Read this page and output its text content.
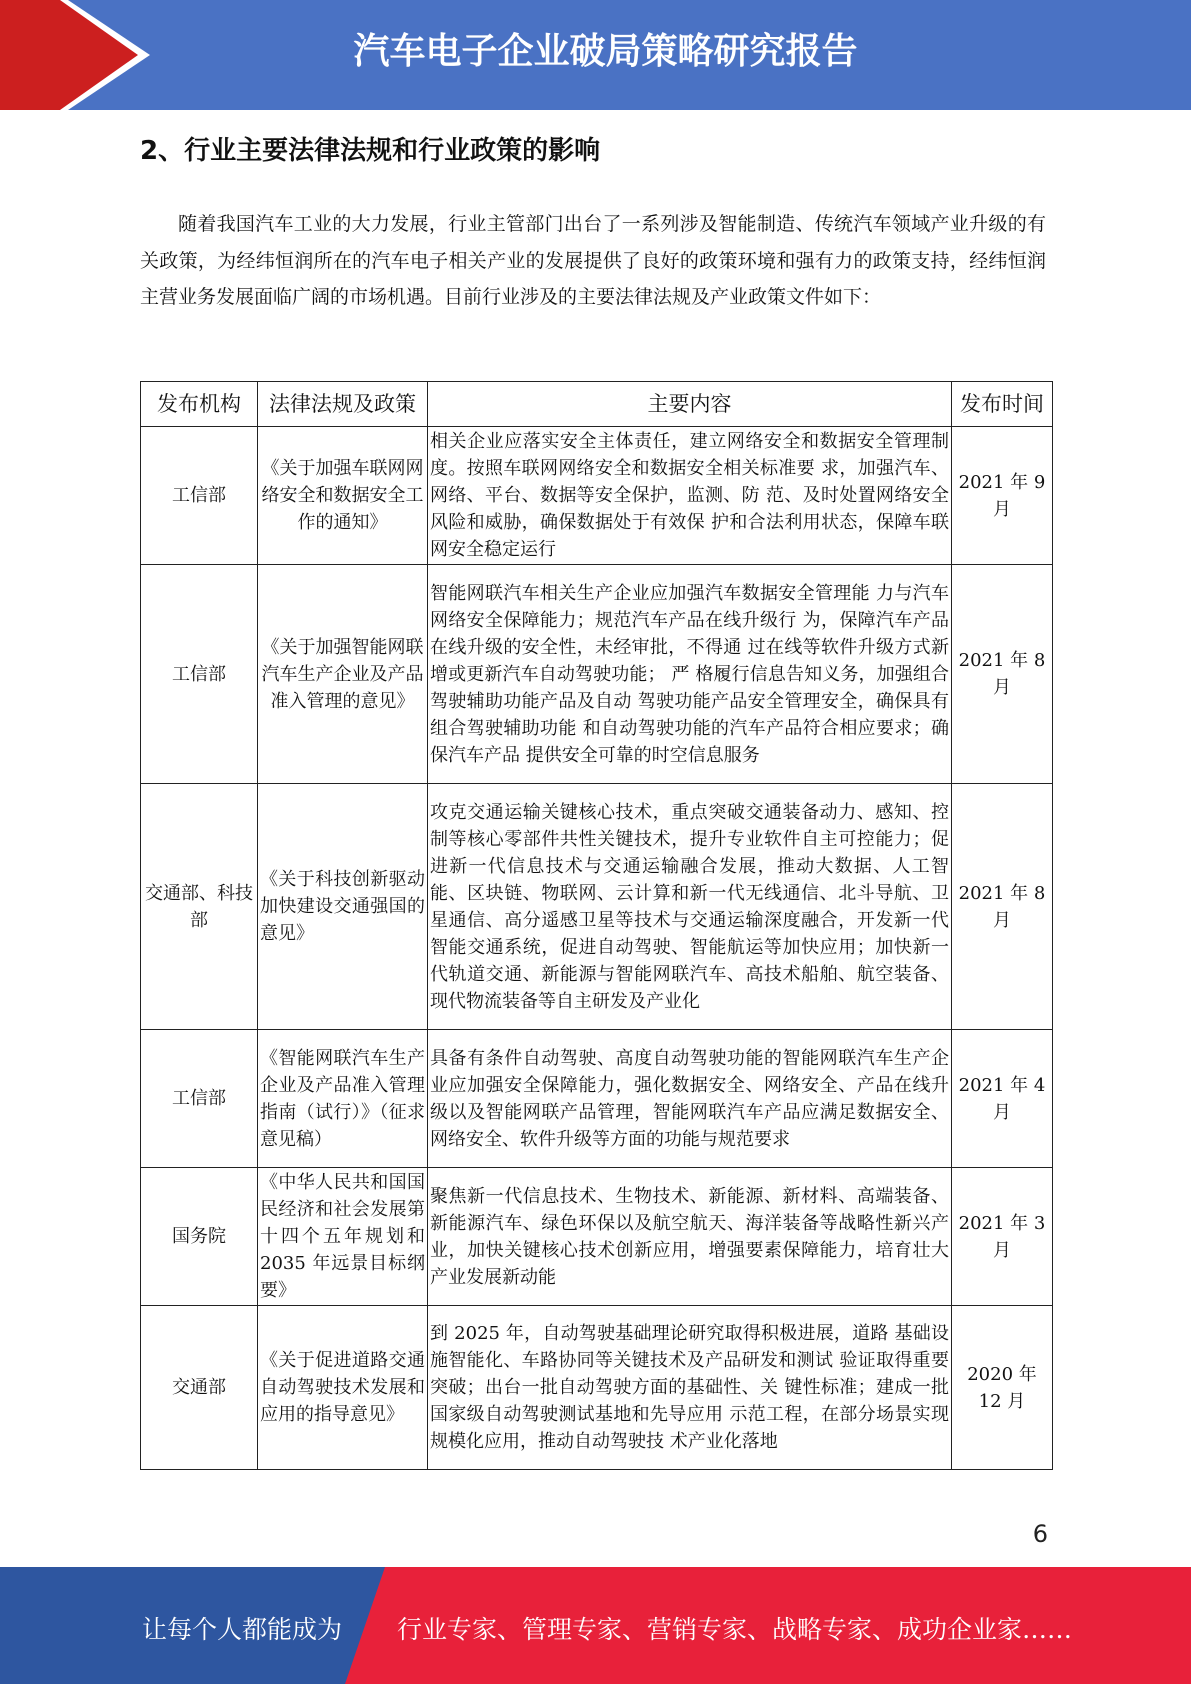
汽车电子企业破局策略研究报告
2、行业主要法律法规和行业政策的影响

随着我国汽车工业的大力发展，行业主管部门出台了一系列涉及智能制造、传统汽车领域产业升级的有关政策，为经纬恒润所在的汽车电子相关产业的发展提供了良好的政策环境和强有力的政策支持，经纬恒润主营业务发展面临广阔的市场机遇。目前行业涉及的主要法律法规及产业政策文件如下：

发布机构	法律法规及政策	主要内容	发布时间
工信部	《关于加强车联网网络安全和数据安全工作的通知》	相关企业应落实安全主体责任，建立网络安全和数据安全管理制度。按照车联网网络安全和数据安全相关标准要 求，加强汽车、网络、平台、数据等安全保护，监测、防 范、及时处置网络安全风险和威胁，确保数据处于有效保 护和合法利用状态，保障车联网安全稳定运行	2021 年 9 月
工信部	《关于加强智能网联汽车生产企业及产品准入管理的意见》	智能网联汽车相关生产企业应加强汽车数据安全管理能 力与汽车网络安全保障能力；规范汽车产品在线升级行 为，保障汽车产品在线升级的安全性，未经审批，不得通 过在线等软件升级方式新增或更新汽车自动驾驶功能； 严 格履行信息告知义务，加强组合驾驶辅助功能产品及自动 驾驶功能产品安全管理安全，确保具有组合驾驶辅助功能 和自动驾驶功能的汽车产品符合相应要求；确保汽车产品 提供安全可靠的时空信息服务	2021 年 8 月
交通部、科技部	《关于科技创新驱动加快建设交通强国的意见》	攻克交通运输关键核心技术，重点突破交通装备动力、感知、控制等核心零部件共性关键技术，提升专业软件自主可控能力；促进新一代信息技术与交通运输融合发展，推动大数据、人工智能、区块链、物联网、云计算和新一代无线通信、北斗导航、卫星通信、高分遥感卫星等技术与交通运输深度融合，开发新一代智能交通系统，促进自动驾驶、智能航运等加快应用；加快新一代轨道交通、新能源与智能网联汽车、高技术船舶、航空装备、现代物流装备等自主研发及产业化	2021 年 8 月
工信部	《智能网联汽车生产企业及产品准入管理指南（试行）》（征求意见稿）	具备有条件自动驾驶、高度自动驾驶功能的智能网联汽车生产企业应加强安全保障能力，强化数据安全、网络安全、产品在线升级以及智能网联产品管理，智能网联汽车产品应满足数据安全、网络安全、软件升级等方面的功能与规范要求	2021 年 4 月
国务院	《中华人民共和国国民经济和社会发展第十四个五年规划和 2035 年远景目标纲要》	聚焦新一代信息技术、生物技术、新能源、新材料、高端装备、新能源汽车、绿色环保以及航空航天、海洋装备等战略性新兴产业，加快关键核心技术创新应用，增强要素保障能力，培育壮大产业发展新动能	2021 年 3 月
交通部	《关于促进道路交通自动驾驶技术发展和应用的指导意见》	到 2025 年，自动驾驶基础理论研究取得积极进展，道路 基础设施智能化、车路协同等关键技术及产品研发和测试 验证取得重要突破；出台一批自动驾驶方面的基础性、关 键性标准；建成一批国家级自动驾驶测试基地和先导应用 示范工程，在部分场景实现规模化应用，推动自动驾驶技 术产业化落地	2020 年 12 月
6
让每个人都能成为 行业专家、管理专家、营销专家、战略专家、成功企业家……
